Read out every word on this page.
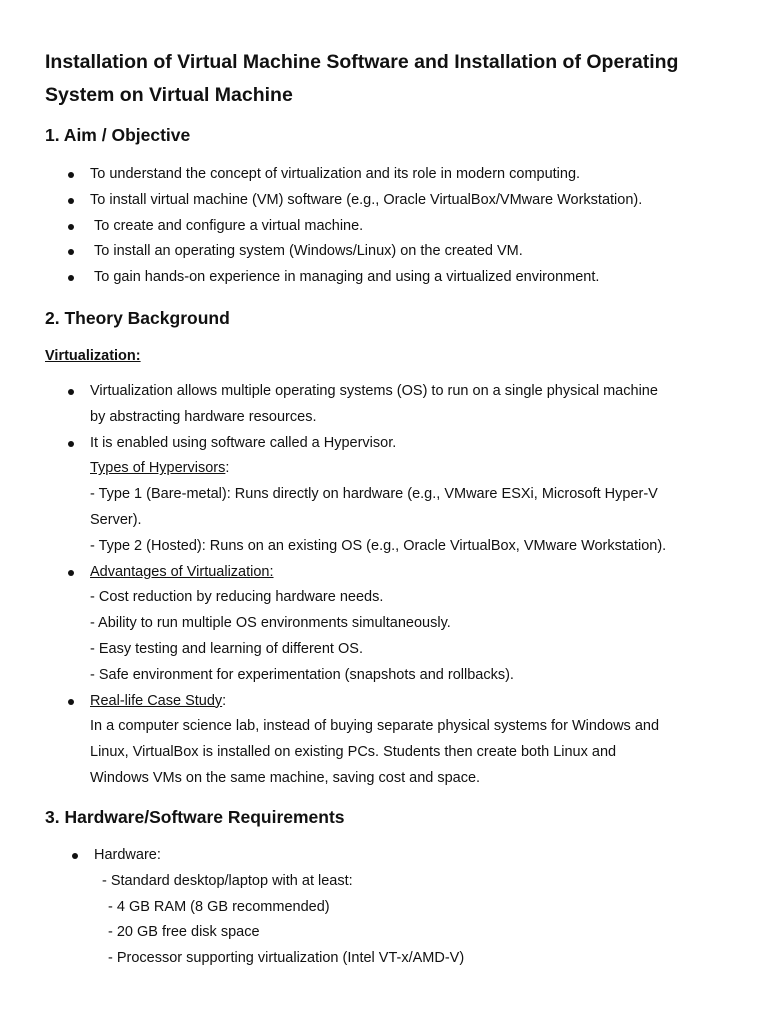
Installation of Virtual Machine Software and Installation of Operating
System on Virtual Machine
1. Aim / Objective
To understand the concept of virtualization and its role in modern computing.
To install virtual machine (VM) software (e.g., Oracle VirtualBox/VMware Workstation).
To create and configure a virtual machine.
To install an operating system (Windows/Linux) on the created VM.
To gain hands-on experience in managing and using a virtualized environment.
2. Theory Background

Virtualization:

Virtualization allows multiple operating systems (OS) to run on a single physical machine
by abstracting hardware resources.
It is enabled using software called a Hypervisor.
Types of Hypervisors:
- Type 1 (Bare-metal): Runs directly on hardware (e.g., VMware ESXi, Microsoft Hyper-V
Server).
- Type 2 (Hosted): Runs on an existing OS (e.g., Oracle VirtualBox, VMware Workstation).
Advantages of Virtualization:
- Cost reduction by reducing hardware needs.
- Ability to run multiple OS environments simultaneously.
- Easy testing and learning of different OS.
- Safe environment for experimentation (snapshots and rollbacks).
Real-life Case Study:
In a computer science lab, instead of buying separate physical systems for Windows and
Linux, VirtualBox is installed on existing PCs. Students then create both Linux and
Windows VMs on the same machine, saving cost and space.
3. Hardware/Software Requirements
Hardware:
- Standard desktop/laptop with at least:
- 4 GB RAM (8 GB recommended)
- 20 GB free disk space
- Processor supporting virtualization (Intel VT-x/AMD-V)
